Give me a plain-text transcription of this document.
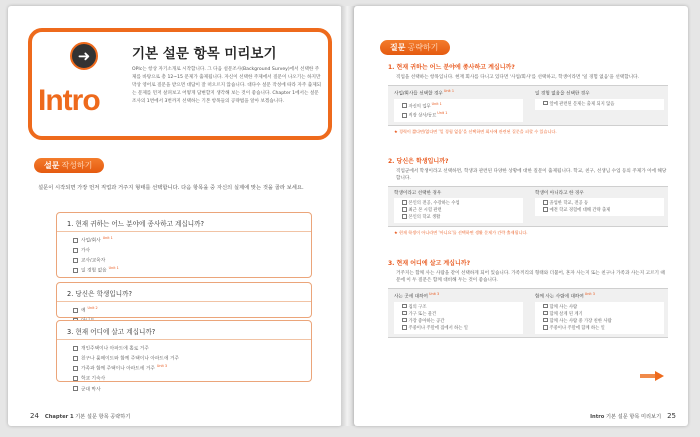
➜
Intro
기본 설문 항목 미리보기
OPIc는 항상 자기소개로 시작합니다. 그 다음 설문조사(Background Survey)에서 선택한 주제를 바탕으로 총 12~15 문제가 출제됩니다. 자신이 선택한 주제에서 질문이 나오기는 하지만 막상 영어로 질문을 받으면 대답이 잘 떠오르지 않습니다. 대다수 설문 작성에 따라 자주 출제되는 문제를 먼저 살펴보고 어떻게 답변할지 생각해 보는 것이 좋습니다. Chapter 1에서는 설문조사의 1번에서 3번까지 선택하는 기본 항목들의 공략법을 알아 보겠습니다.
설문 작성하기
설문이 시작되면 가장 먼저 직업과 거주지 형태를 선택합니다. 다음 항목을 중 자신의 실제에 맞는 것을 골라 보세요.
1. 현재 귀하는 어느 분야에 종사하고 계십니까?
사업/회사$^{Unit 1}$
가사
교사/교육자
일 경험 없음$^{Unit 1}$
2. 당신은 학생입니까?
예$^{Unit 2}$
3. 현재 어디에 살고 계십니까?
개인주택이나 아파트에 홀로 거주
친구나 룸메이트와 함께 주택이나 아파트에 거주
가족과 함께 주택이나 아파트에 거주$^{Unit 3}$
학교 기숙사
군대 막사
24 Chapter 1 기본 설문 항목 공략하기
질문 공략하기
1. 현재 귀하는 어느 분야에 종사하고 계십니까?
직업을 선택하는 항목입니다. 현재 회사를 다니고 있다면 '사업/회사'를 선택하고, 학생이라면 '일 경험 없음'을 선택합니다.
사업/회사를 선택할 경우$^{Unit 1}$
자신의 업무$^{Unit 1}$
직장 상사/동료$^{Unit 1}$
일 경험 없음을 선택한 경우
앞에 관련된 문제는 출제 되지 않음
★ 경력이 짧다면/없다면 '일 경험 없음'을 선택하면 회사에 관련된 질문을 피할 수 있습니다.
2. 당신은 학생입니까?
직업군에서 학생이라고 선택하면, 학생과 관련된 다양한 상황에 대한 질문이 출제됩니다. 학교, 친구, 선생님 수업 등의 주제가 이에 해당합니다.
학생이라고 선택한 경우
본인의 전공, 수강하는 수업
최근 본 시험 관련
본인의 학교 생활
학생이 아니라고 한 경우
졸업한 학교, 전공 등
예전 학교 경험에 대해 간략 출제
★ 현재 학생이 아니라면 '아니요'를 선택하면 생활 문제가 간략 출제됩니다.
3. 현재 어디에 살고 계십니까?
거주지는 함께 사는 사람을 같이 선택하게 되어 있습니다. 가족끼리의 형태와 더불어, 혼자 사는지 또는 친구나 가족과 사는지 고르기 때문에 이 두 질문은 함께 대비해 두는 것이 좋습니다.
사는 곳에 대하여$^{Unit 3}$
집의 구조
가구 또는 물건
가장 좋아하는 공간
주중이나 주말에 집에서 하는 일
함께 사는 사람에 대하여$^{Unit 3}$
함께 사는 사람
함께 살게 된 계기
함께 사는 사람 중 가장 친한 사람
주중이나 주말에 함께 하는 일
Intro 기본 설문 항목 미리보기 25
